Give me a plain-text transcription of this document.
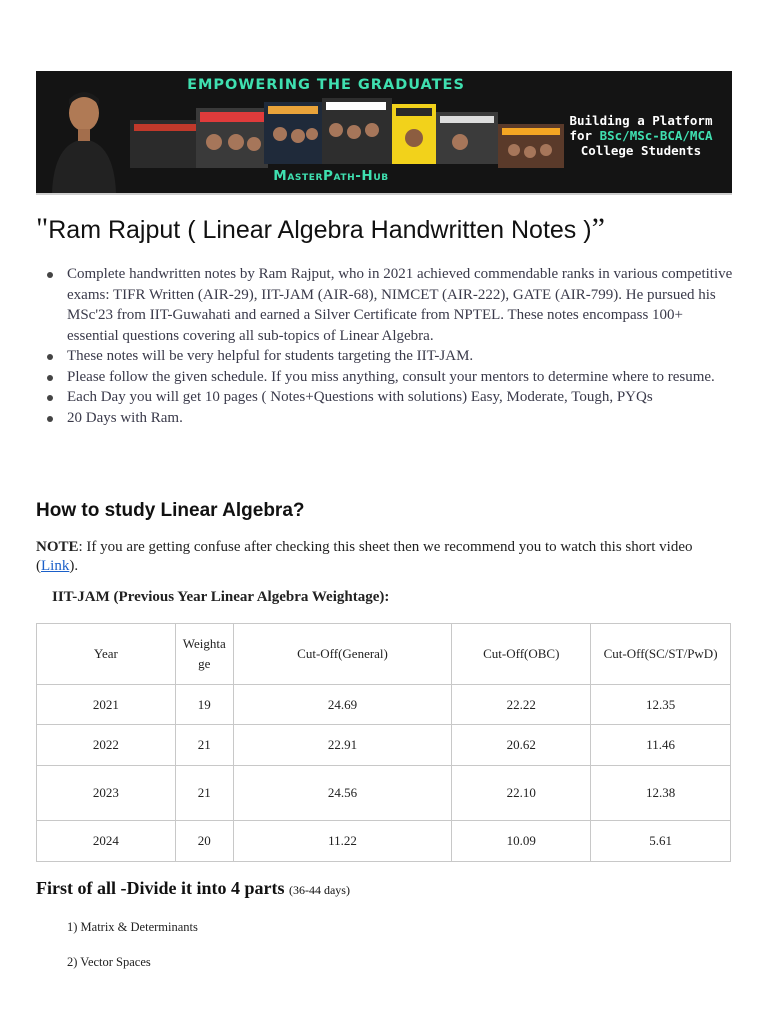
EMPOWERING THE GRADUATES
MasterPath-Hub
Building a Platform
for BSc/MSc-BCA/MCA
College Students
"Ram Rajput ( Linear Algebra Handwritten Notes )”
Complete handwritten notes by Ram Rajput, who in 2021 achieved commendable ranks in various competitive exams: TIFR Written (AIR-29), IIT-JAM (AIR-68), NIMCET (AIR-222), GATE (AIR-799). He pursued his MSc'23 from IIT-Guwahati and earned a Silver Certificate from NPTEL. These notes encompass 100+ essential questions covering all sub-topics of Linear Algebra.
These notes will be very helpful for students targeting the IIT-JAM.
Please follow the given schedule. If you miss anything, consult your mentors to determine where to resume.
Each Day you will get 10 pages ( Notes+Questions with solutions) Easy, Moderate, Tough, PYQs
20 Days with Ram.
How to study Linear Algebra?

NOTE: If you are getting confuse after checking this sheet then we recommend you to watch this short video (Link).

IIT-JAM (Previous Year Linear Algebra Weightage):

Year	Weightage	Cut-Off(General)	Cut-Off(OBC)	Cut-Off(SC/ST/PwD)
2021	19	24.69	22.22	12.35
2022	21	22.91	20.62	11.46
2023	21	24.56	22.10	12.38
2024	20	11.22	10.09	5.61
First of all -Divide it into 4 parts (36-44 days)

1) Matrix & Determinants

2) Vector Spaces
